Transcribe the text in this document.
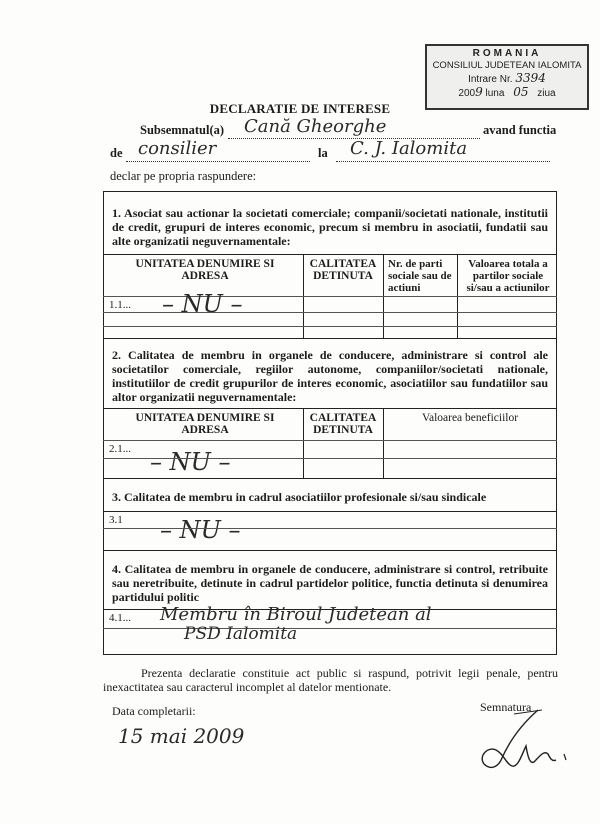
ROMANIA
CONSILIUL JUDETEAN IALOMITA
Intrare Nr. 3394
2009 luna 05 ziua
DECLARATIE DE INTERESE
Subsemnatul(a) Cană Gheorghe	avand functia
de consilier	la C. J. Ialomita
declar pe propria raspundere:
1. Asociat sau actionar la societati comerciale; companii/societati nationale, institutii de credit, grupuri de interes economic, precum si membru in asociatii, fundatii sau alte organizatii neguvernamentale:
UNITATEA DENUMIRE SI ADRESA
CALITATEA DETINUTA
Nr. de parti sociale sau de actiuni
Valoarea totala a partilor sociale si/sau a actiunilor
1.1... – NU –
2. Calitatea de membru in organele de conducere, administrare si control ale societatilor comerciale, regiilor autonome, companiilor/societati nationale, institutiilor de credit grupurilor de interes economic, asociatiilor sau fundatiilor sau altor organizatii neguvernamentale:
UNITATEA DENUMIRE SI ADRESA
CALITATEA DETINUTA
Valoarea beneficiilor
2.1... – NU –
3. Calitatea de membru in cadrul asociatiilor profesionale si/sau sindicale
3.1 – NU –
4. Calitatea de membru in organele de conducere, administrare si control, retribuite sau neretribuite, detinute in cadrul partidelor politice, functia detinuta si denumirea partidului politic
4.1... Membru în Biroul Judetean al
PSD Ialomita
Prezenta declaratie constituie act public si raspund, potrivit legii penale, pentru inexactitatea sau caracterul incomplet al datelor mentionate.
Data completarii:
15 mai 2009
Semnatura
